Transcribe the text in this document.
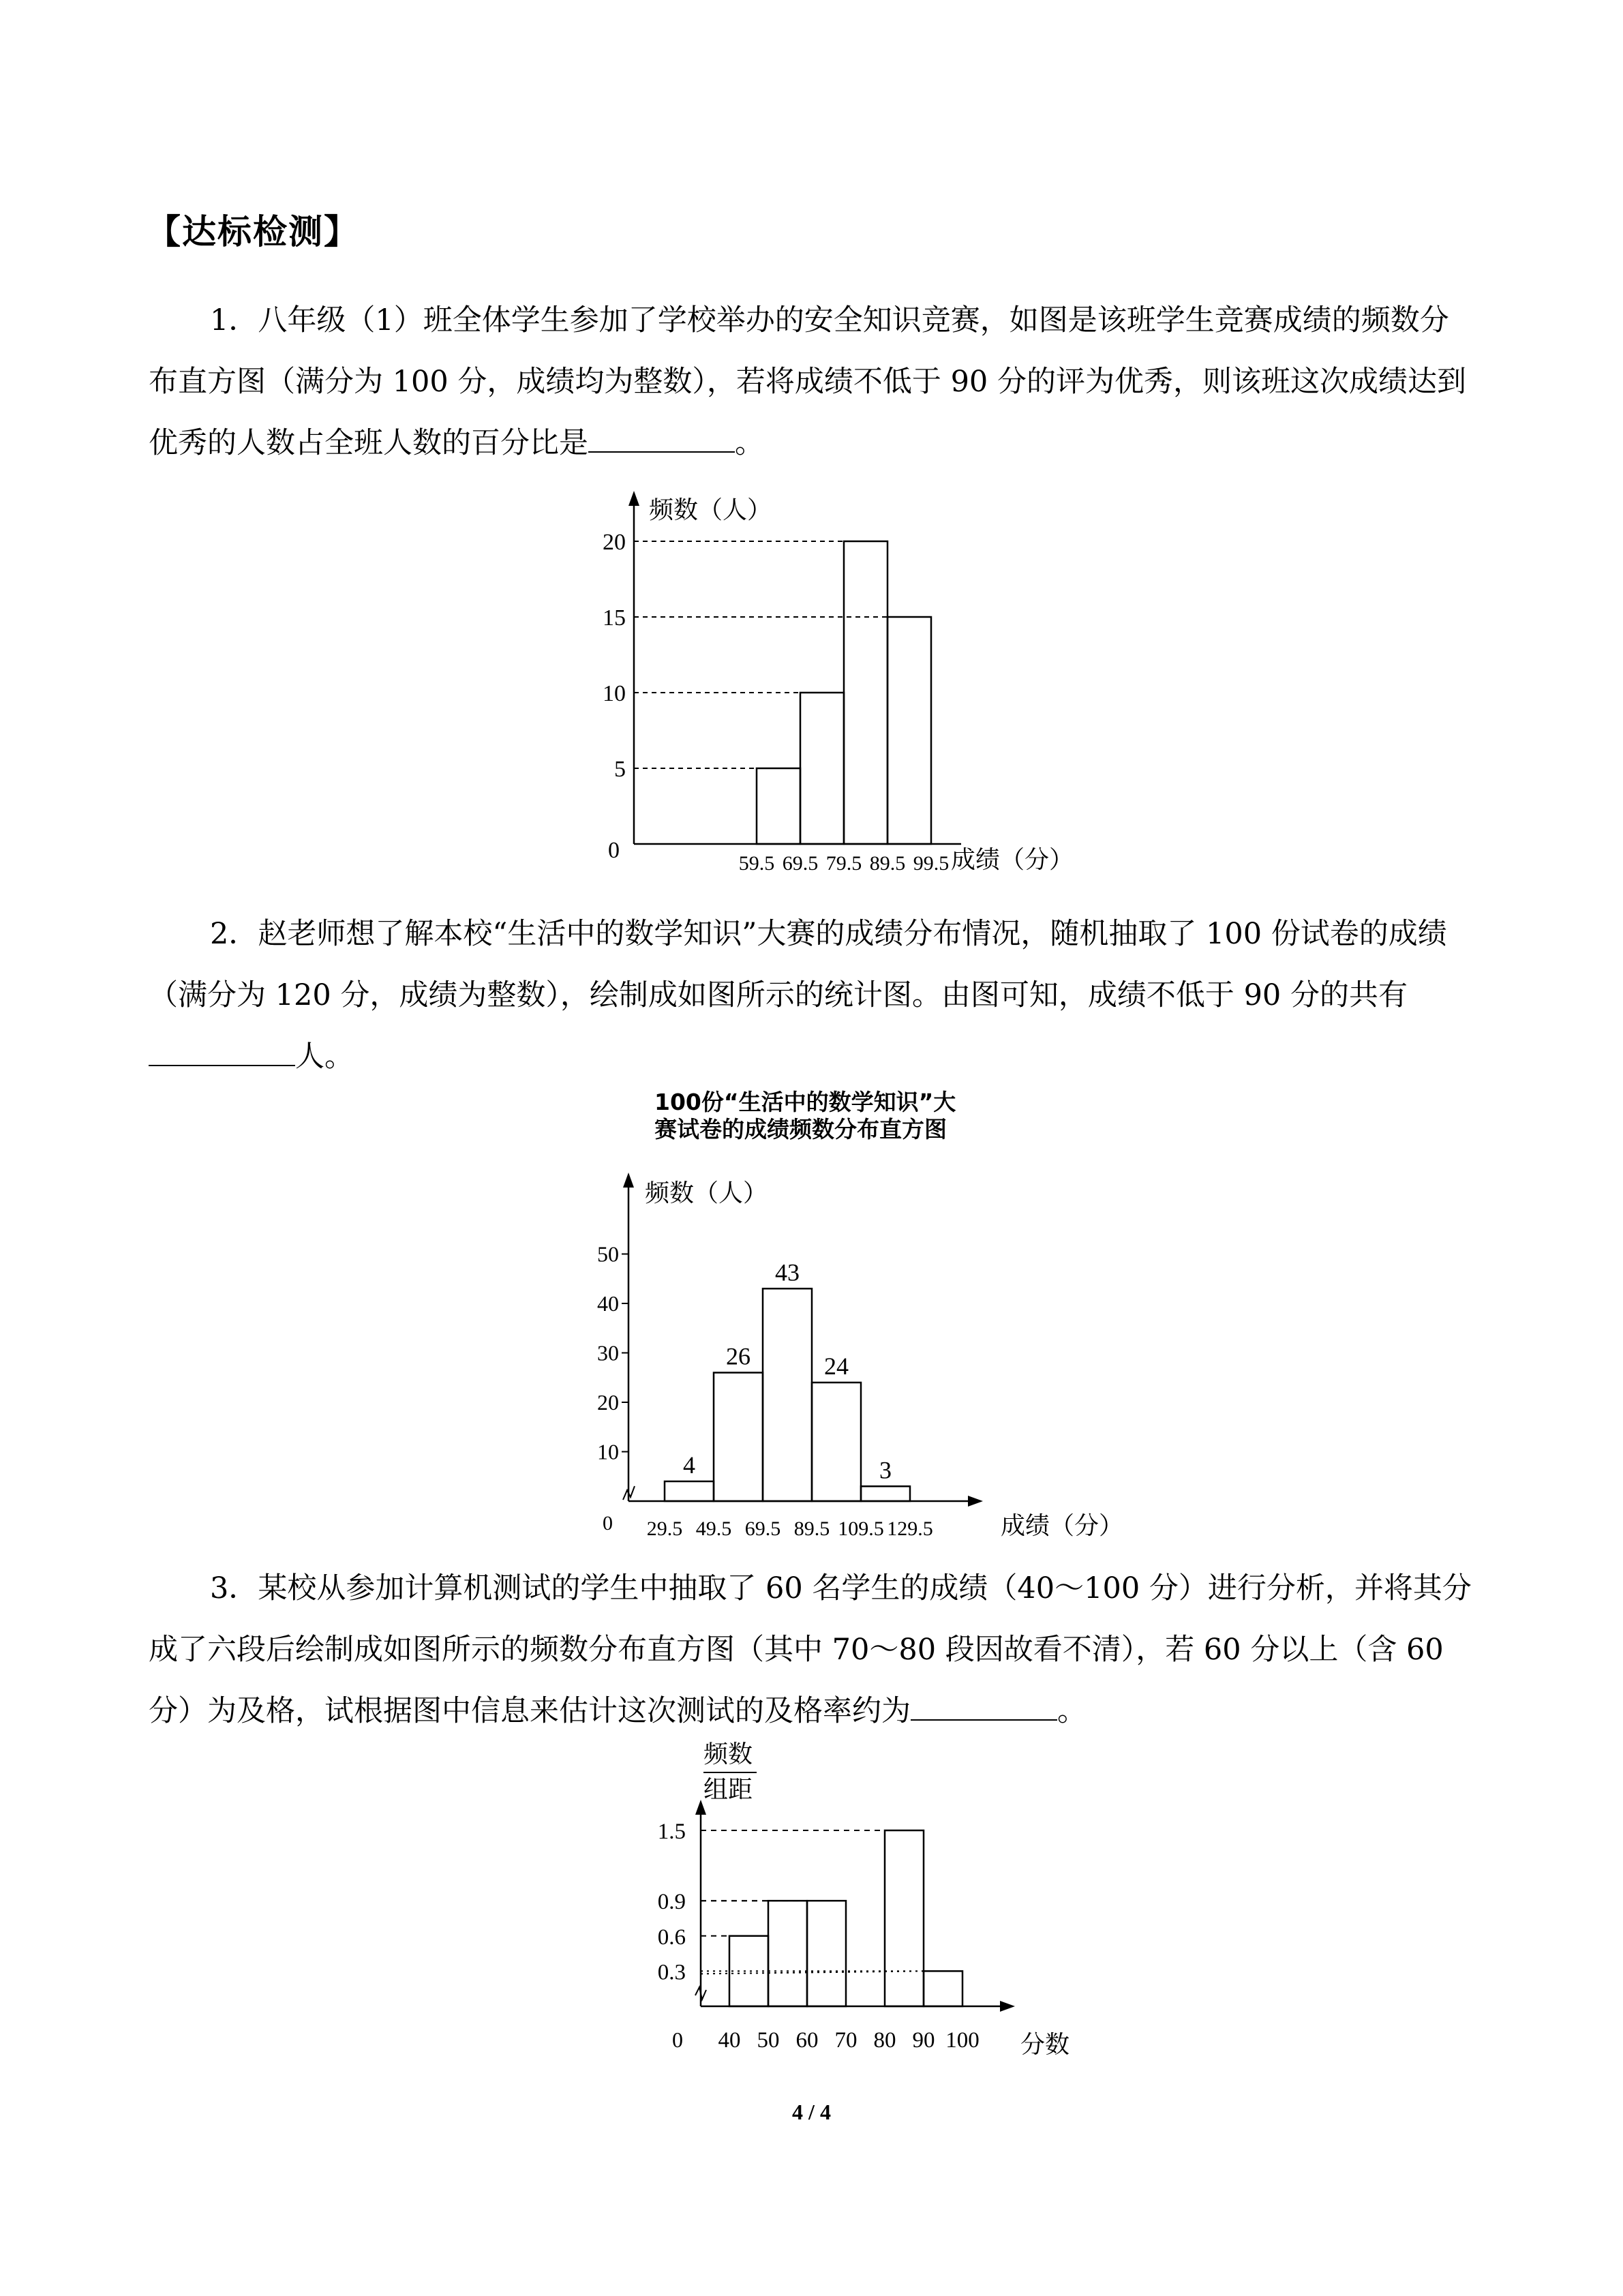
【达标检测】
1．八年级（1）班全体学生参加了学校举办的安全知识竞赛，如图是该班学生竞赛成绩的频数分布直方图（满分为 100 分，成绩均为整数），若将成绩不低于 90 分的评为优秀，则该班这次成绩达到优秀的人数占全班人数的百分比是	。
频数（人）
成绩（分）
0
5
10
15
20
59.5 69.5 79.5 89.5 99.5
2．赵老师想了解本校“生活中的数学知识”大赛的成绩分布情况，随机抽取了 100 份试卷的成绩（满分为 120 分，成绩为整数），绘制成如图所示的统计图。由图可知，成绩不低于 90 分的共有人。
100份“生活中的数学知识”大
赛试卷的成绩频数分布直方图
频数（人）
成绩（分）
0
4
26
43
24
3
10
20
30
40
50
29.5 49.5 69.5 89.5 109.5 129.5
3．某校从参加计算机测试的学生中抽取了 60 名学生的成绩（40～100 分）进行分析，并将其分成了六段后绘制成如图所示的频数分布直方图（其中 70～80 段因故看不清），若 60 分以上（含 60 分）为及格，试根据图中信息来估计这次测试的及格率约为	。
频数
组距
分数
0
0.3
0.6
0.9
1.5
40 50 60 70 80 90 100
4 / 4
